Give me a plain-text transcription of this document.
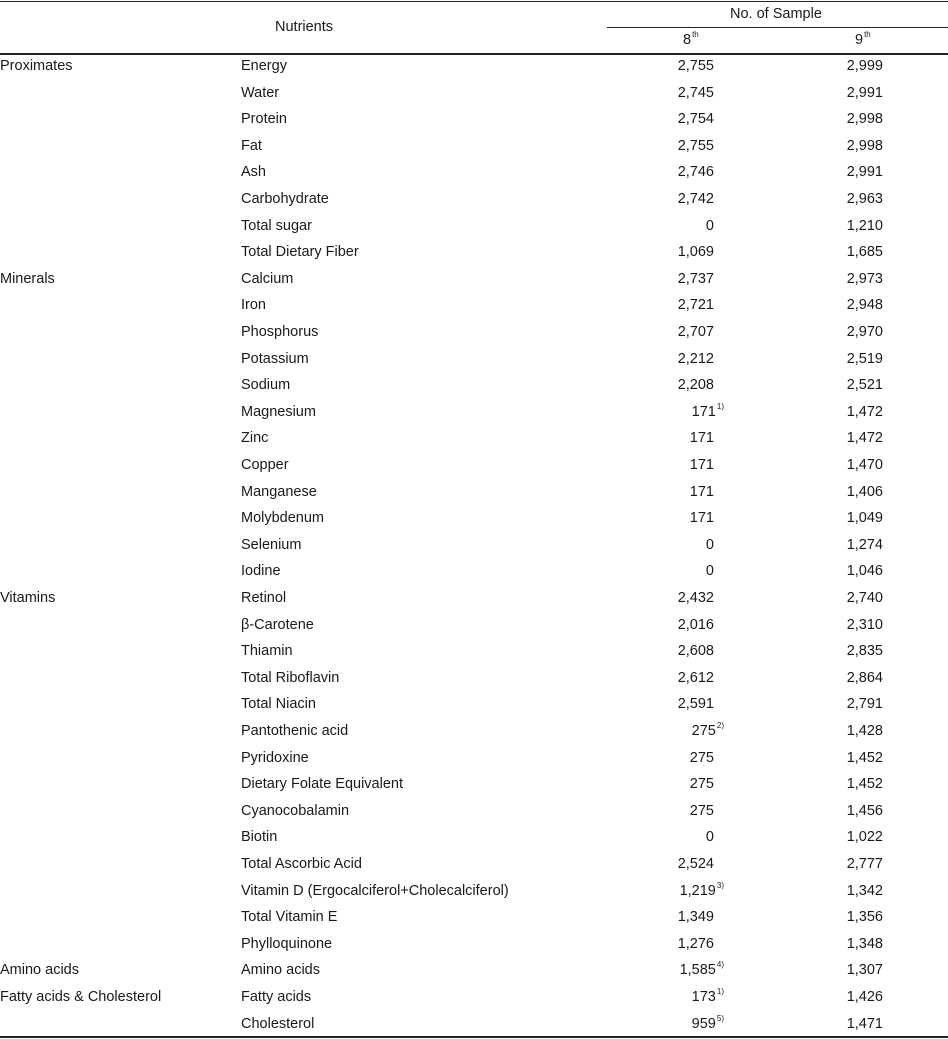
Nutrients
No. of Sample
8th	9th
Proximates	Energy	2,755	2,999
Water	2,745	2,991
Protein	2,754	2,998
Fat	2,755	2,998
Ash	2,746	2,991
Carbohydrate	2,742	2,963
Total sugar	0	1,210
Total Dietary Fiber	1,069	1,685
Minerals	Calcium	2,737	2,973
Iron	2,721	2,948
Phosphorus	2,707	2,970
Potassium	2,212	2,519
Sodium	2,208	2,521
Magnesium	171$^{1)}$	1,472
Zinc	171	1,472
Copper	171	1,470
Manganese	171	1,406
Molybdenum	171	1,049
Selenium	0	1,274
Iodine	0	1,046
Vitamins	Retinol	2,432	2,740
β-Carotene	2,016	2,310
Thiamin	2,608	2,835
Total Riboflavin	2,612	2,864
Total Niacin	2,591	2,791
Pantothenic acid	275$^{2)}$	1,428
Pyridoxine	275	1,452
Dietary Folate Equivalent	275	1,452
Cyanocobalamin	275	1,456
Biotin	0	1,022
Total Ascorbic Acid	2,524	2,777
Vitamin D (Ergocalciferol+Cholecalciferol)	1,219$^{3)}$	1,342
Total Vitamin E	1,349	1,356
Phylloquinone	1,276	1,348
Amino acids	Amino acids	1,585$^{4)}$	1,307
Fatty acids & Cholesterol	Fatty acids	173$^{1)}$	1,426
Cholesterol	959$^{5)}$	1,471
